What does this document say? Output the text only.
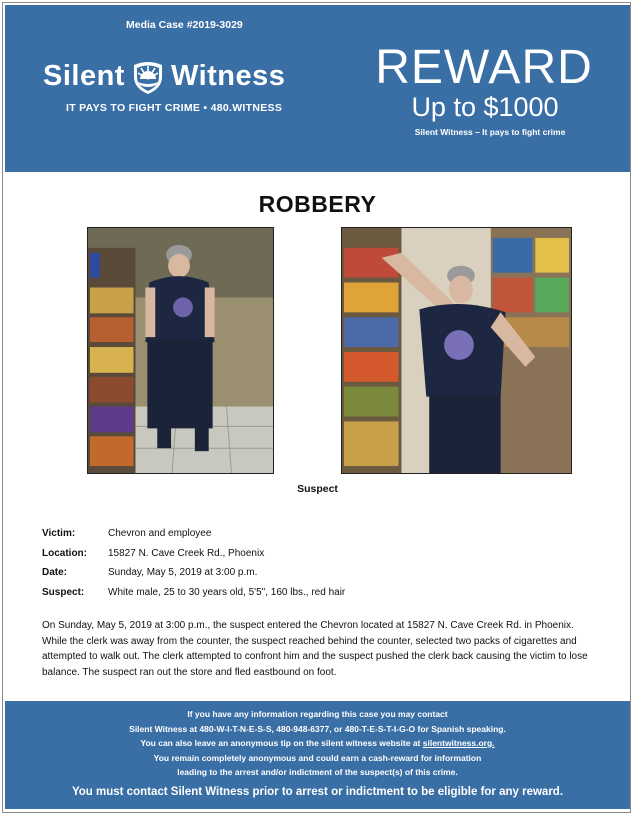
Media Case #2019-3029
Silent Witness
IT PAYS TO FIGHT CRIME • 480.WITNESS
REWARD
Up to $1000
Silent Witness – It pays to fight crime
ROBBERY
Suspect
Victim:	Chevron and employee
Location:	15827 N. Cave Creek Rd., Phoenix
Date:	Sunday, May 5, 2019 at 3:00 p.m.
Suspect:	White male, 25 to 30 years old, 5'5", 160 lbs., red hair
On Sunday, May 5, 2019 at 3:00 p.m., the suspect entered the Chevron located at 15827 N. Cave Creek Rd. in Phoenix. While the clerk was away from the counter, the suspect reached behind the counter, selected two packs of cigarettes and attempted to walk out. The clerk attempted to confront him and the suspect pushed the clerk back causing the victim to lose balance. The suspect ran out the store and fled eastbound on foot.
If you have any information regarding this case you may contact
Silent Witness at 480-W-I-T-N-E-S-S, 480-948-6377, or 480-T-E-S-T-I-G-O for Spanish speaking.
You can also leave an anonymous tip on the silent witness website at silentwitness.org.
You remain completely anonymous and could earn a cash-reward for information
leading to the arrest and/or indictment of the suspect(s) of this crime.
You must contact Silent Witness prior to arrest or indictment to be eligible for any reward.
